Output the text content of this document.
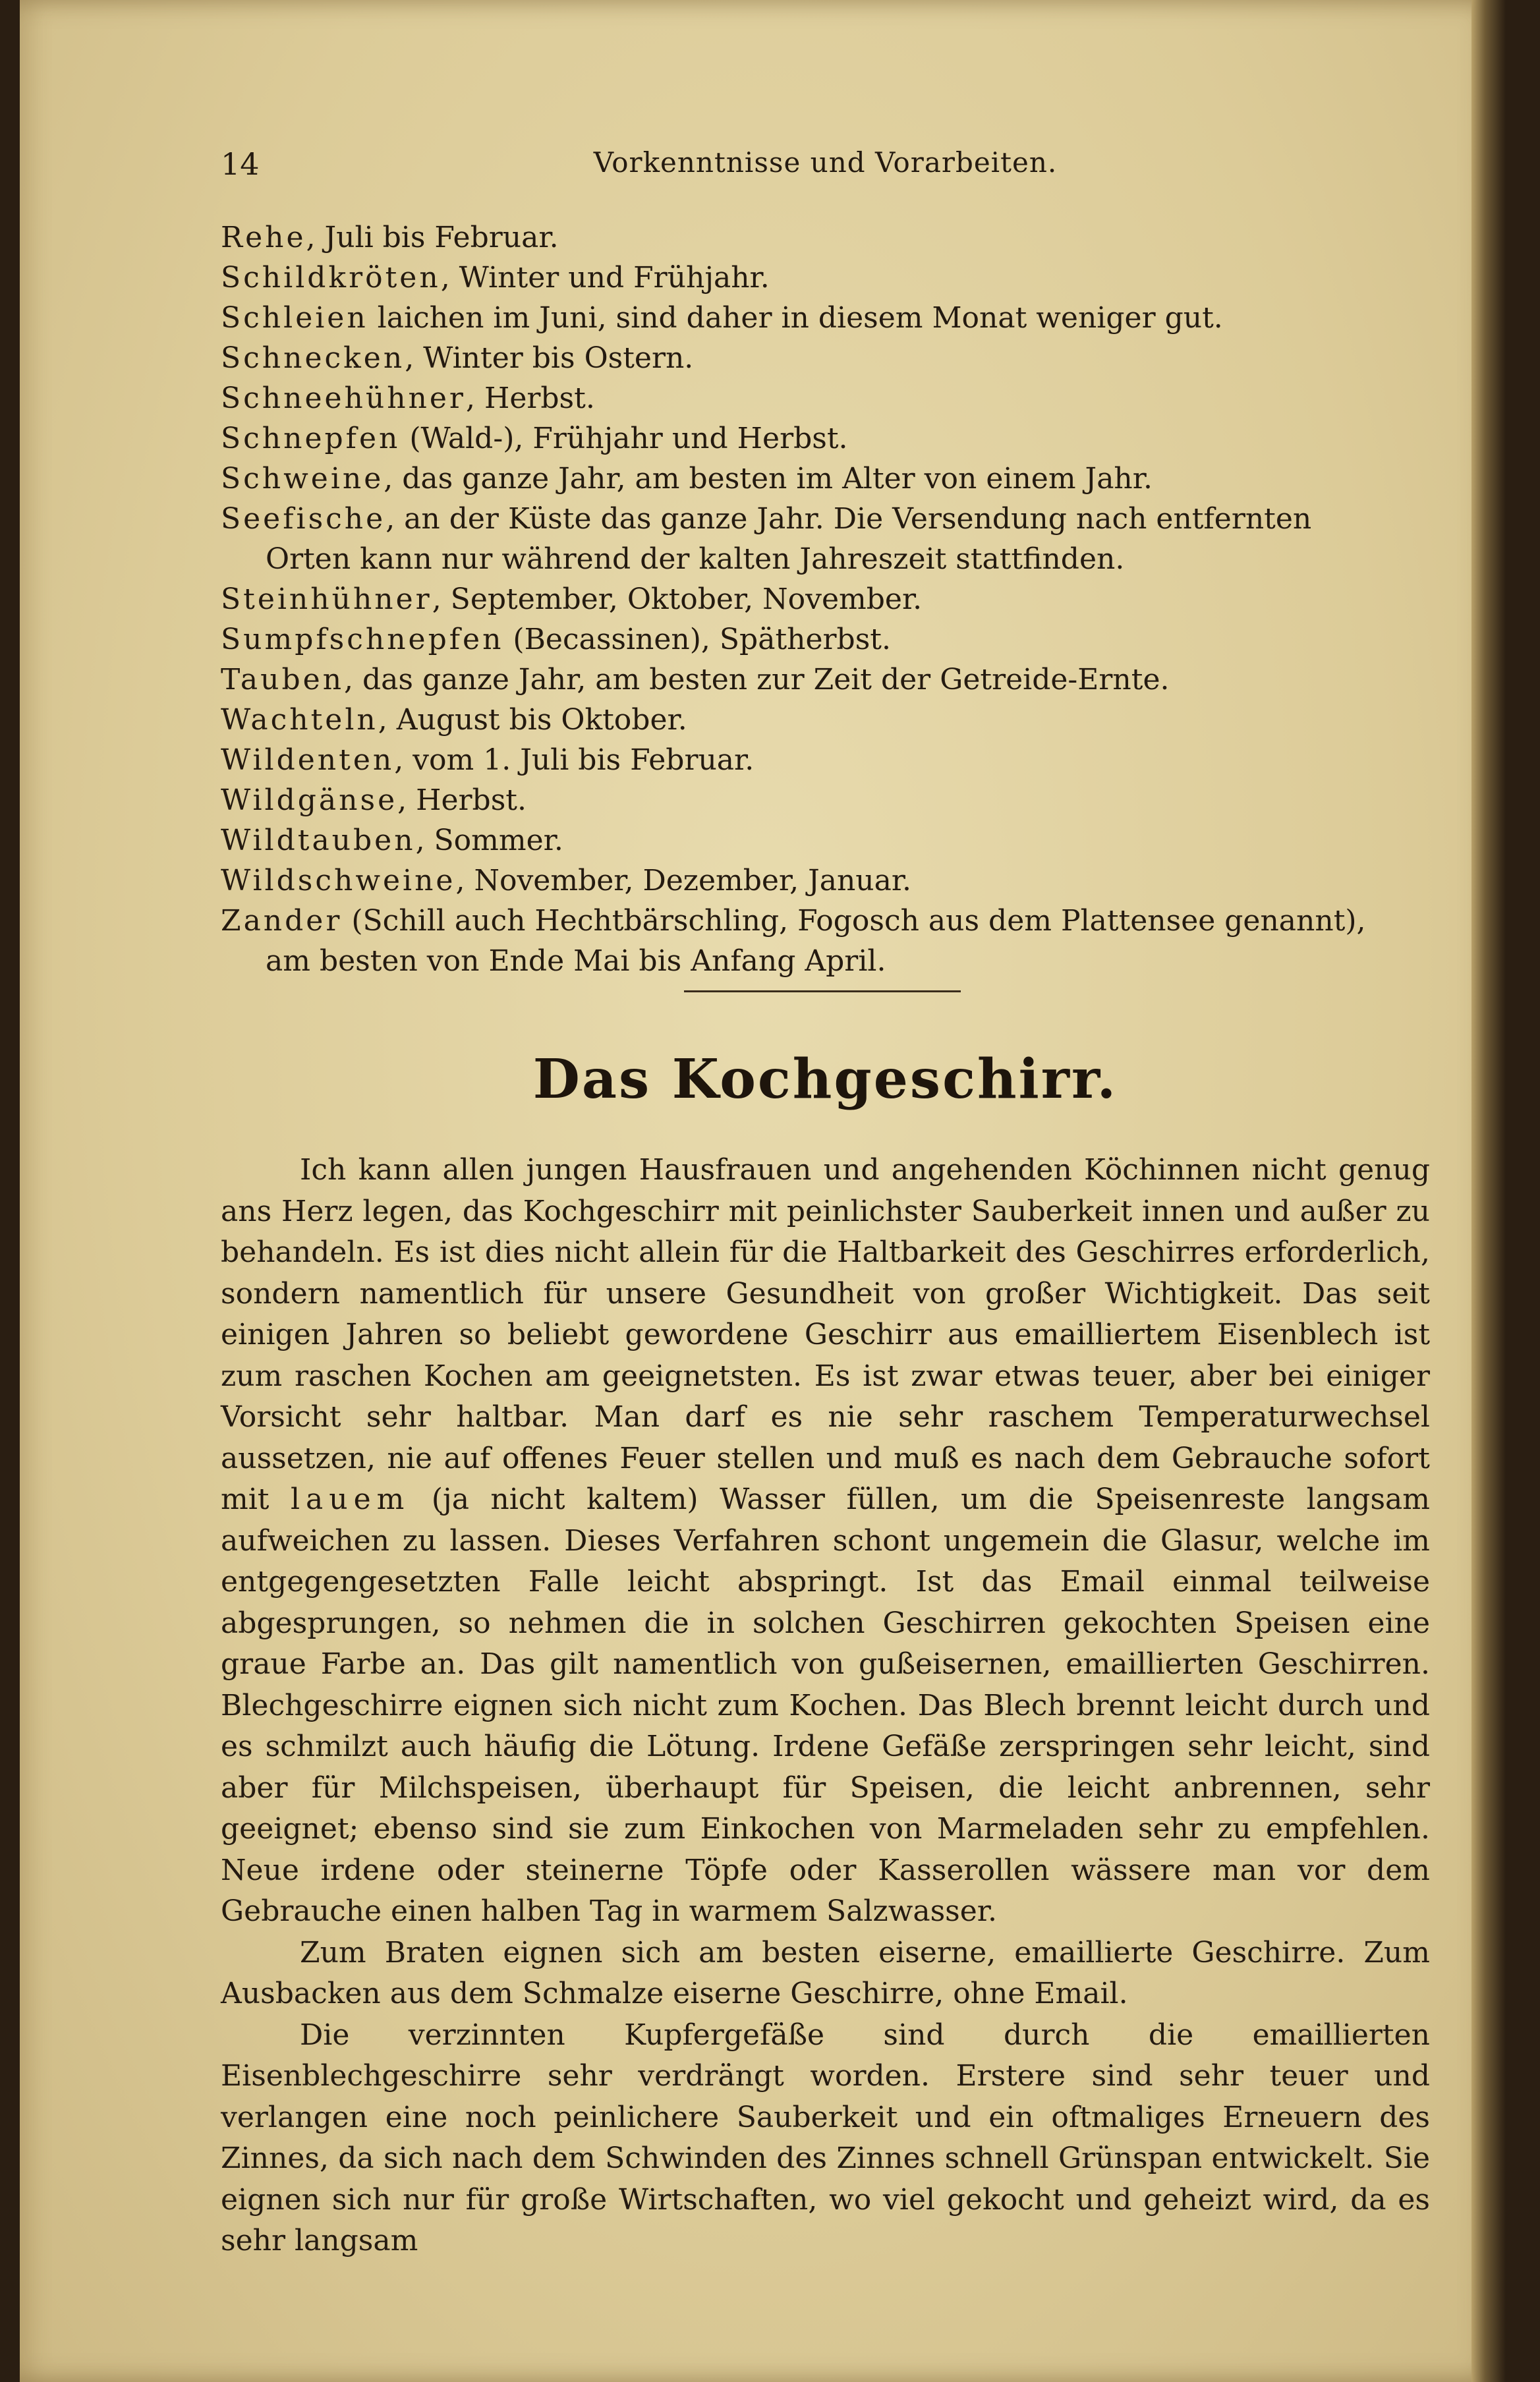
14	Vorkenntnisse und Vorarbeiten.

Rehe, Juli bis Februar.

Schildkröten, Winter und Frühjahr.

Schleien laichen im Juni, sind daher in diesem Monat weniger gut.

Schnecken, Winter bis Ostern.

Schneehühner, Herbst.

Schnepfen (Wald-), Frühjahr und Herbst.

Schweine, das ganze Jahr, am besten im Alter von einem Jahr.

Seefische, an der Küste das ganze Jahr. Die Versendung nach entfernten
Orten kann nur während der kalten Jahreszeit stattfinden.

Steinhühner, September, Oktober, November.

Sumpfschnepfen (Becassinen), Spätherbst.

Tauben, das ganze Jahr, am besten zur Zeit der Getreide-Ernte.

Wachteln, August bis Oktober.

Wildenten, vom 1. Juli bis Februar.

Wildgänse, Herbst.

Wildtauben, Sommer.

Wildschweine, November, Dezember, Januar.

Zander (Schill auch Hechtbärschling, Fogosch aus dem Plattensee genannt),
am besten von Ende Mai bis Anfang April.

Das Kochgeschirr.

Ich kann allen jungen Hausfrauen und angehenden Köchinnen nicht genug ans Herz legen, das Kochgeschirr mit peinlichster Sauberkeit innen und außer zu behandeln. Es ist dies nicht allein für die Haltbarkeit des Geschirres erforderlich, sondern namentlich für unsere Gesundheit von großer Wichtigkeit. Das seit einigen Jahren so beliebt gewordene Geschirr aus emailliertem Eisenblech ist zum raschen Kochen am geeignetsten. Es ist zwar etwas teuer, aber bei einiger Vorsicht sehr haltbar. Man darf es nie sehr raschem Temperaturwechsel aussetzen, nie auf offenes Feuer stellen und muß es nach dem Gebrauche sofort mit lauem (ja nicht kaltem) Wasser füllen, um die Speisenreste langsam aufweichen zu lassen. Dieses Verfahren schont ungemein die Glasur, welche im entgegengesetzten Falle leicht abspringt. Ist das Email einmal teilweise abgesprungen, so nehmen die in solchen Geschirren gekochten Speisen eine graue Farbe an. Das gilt namentlich von gußeisernen, emaillierten Geschirren. Blechgeschirre eignen sich nicht zum Kochen. Das Blech brennt leicht durch und es schmilzt auch häufig die Lötung. Irdene Gefäße zerspringen sehr leicht, sind aber für Milchspeisen, überhaupt für Speisen, die leicht anbrennen, sehr geeignet; ebenso sind sie zum Einkochen von Marmeladen sehr zu empfehlen. Neue irdene oder steinerne Töpfe oder Kasserollen wässere man vor dem Gebrauche einen halben Tag in warmem Salzwasser.

Zum Braten eignen sich am besten eiserne, emaillierte Geschirre. Zum Ausbacken aus dem Schmalze eiserne Geschirre, ohne Email.

Die verzinnten Kupfergefäße sind durch die emaillierten Eisenblechgeschirre sehr verdrängt worden. Erstere sind sehr teuer und verlangen eine noch peinlichere Sauberkeit und ein oftmaliges Erneuern des Zinnes, da sich nach dem Schwinden des Zinnes schnell Grünspan entwickelt. Sie eignen sich nur für große Wirtschaften, wo viel gekocht und geheizt wird, da es sehr langsam
